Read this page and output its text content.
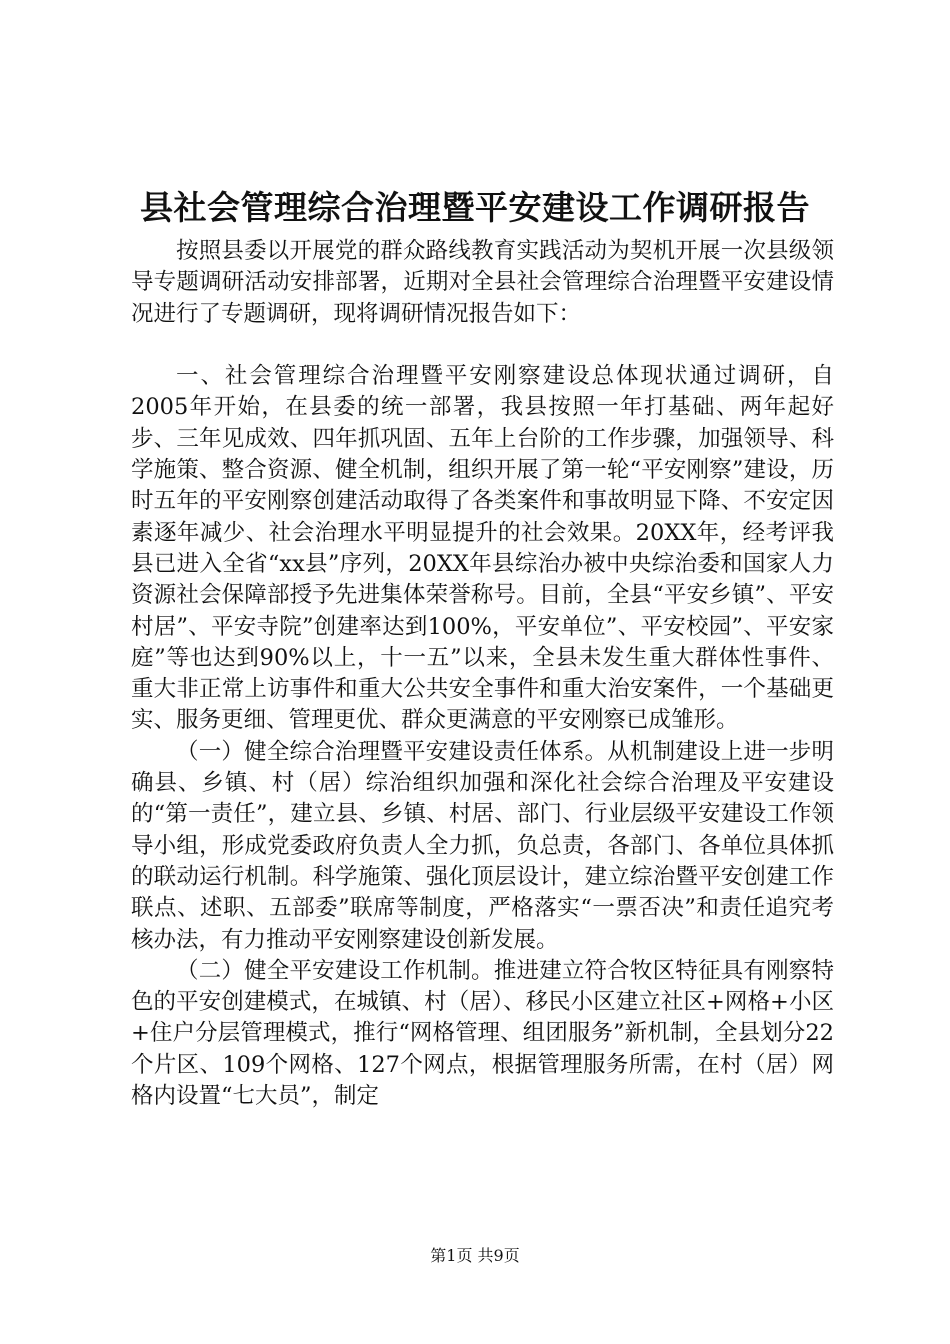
县社会管理综合治理暨平安建设工作调研报告

按照县委以开展党的群众路线教育实践活动为契机开展一次县级领导专题调研活动安排部署，近期对全县社会管理综合治理暨平安建设情况进行了专题调研，现将调研情况报告如下：

一、社会管理综合治理暨平安刚察建设总体现状通过调研，自2005年开始，在县委的统一部署，我县按照一年打基础、两年起好步、三年见成效、四年抓巩固、五年上台阶的工作步骤，加强领导、科学施策、整合资源、健全机制，组织开展了第一轮“平安刚察”建设，历时五年的平安刚察创建活动取得了各类案件和事故明显下降、不安定因素逐年减少、社会治理水平明显提升的社会效果。20XX年，经考评我县已进入全省“xx县”序列，20XX年县综治办被中央综治委和国家人力资源社会保障部授予先进集体荣誉称号。目前，全县“平安乡镇”、平安村居”、平安寺院”创建率达到100%，平安单位”、平安校园”、平安家庭”等也达到90%以上，十一五”以来，全县未发生重大群体性事件、重大非正常上访事件和重大公共安全事件和重大治安案件，一个基础更实、服务更细、管理更优、群众更满意的平安刚察已成雏形。

（一）健全综合治理暨平安建设责任体系。从机制建设上进一步明确县、乡镇、村（居）综治组织加强和深化社会综合治理及平安建设的“第一责任”，建立县、乡镇、村居、部门、行业层级平安建设工作领导小组，形成党委政府负责人全力抓，负总责，各部门、各单位具体抓的联动运行机制。科学施策、强化顶层设计，建立综治暨平安创建工作联点、述职、五部委”联席等制度，严格落实“一票否决”和责任追究考核办法，有力推动平安刚察建设创新发展。

（二）健全平安建设工作机制。推进建立符合牧区特征具有刚察特色的平安创建模式，在城镇、村（居）、移民小区建立社区+网格+小区+住户分层管理模式，推行“网格管理、组团服务”新机制，全县划分22个片区、109个网格、127个网点，根据管理服务所需，在村（居）网格内设置“七大员”，制定

第1页 共9页
